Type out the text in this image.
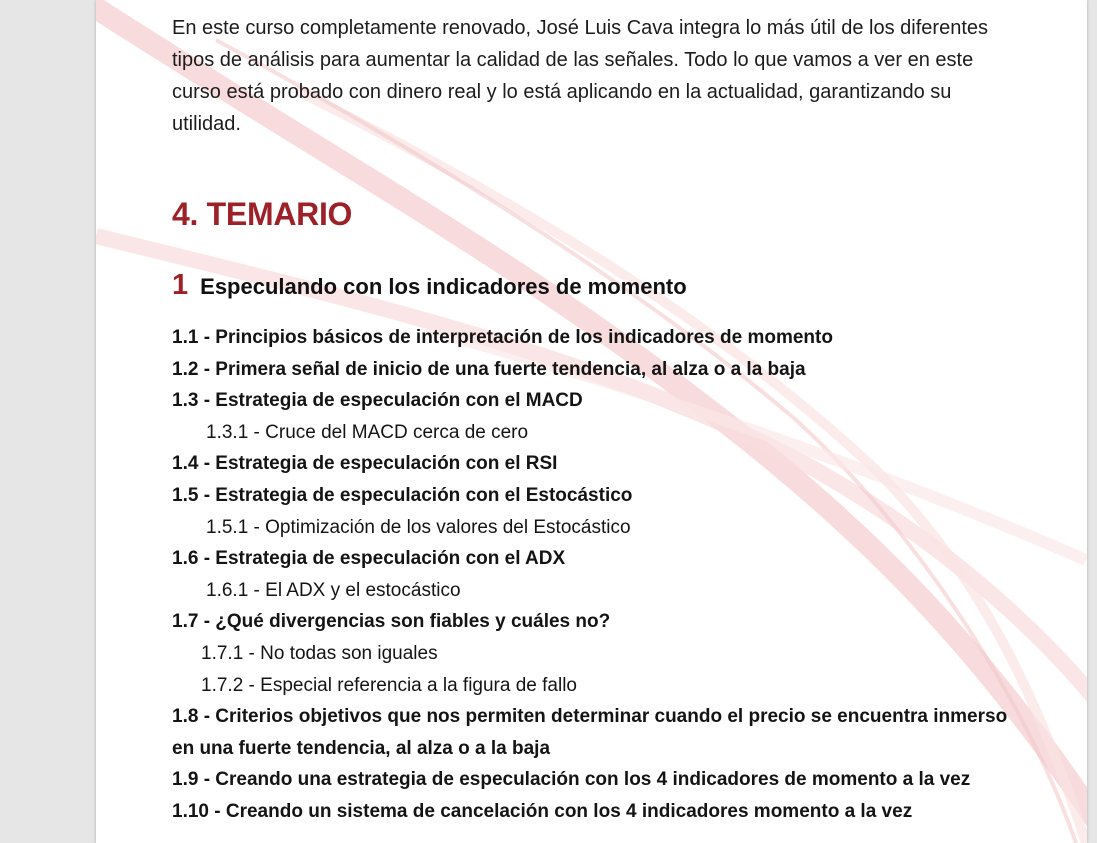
En este curso completamente renovado, José Luis Cava integra lo más útil de los diferentes tipos de análisis para aumentar la calidad de las señales. Todo lo que vamos a ver en este curso está probado con dinero real y lo está aplicando en la actualidad, garantizando su utilidad.

4. TEMARIO
1 Especulando con los indicadores de momento
1.1 - Principios básicos de interpretación de los indicadores de momento
1.2 - Primera señal de inicio de una fuerte tendencia, al alza o a la baja
1.3 - Estrategia de especulación con el MACD
1.3.1 - Cruce del MACD cerca de cero
1.4 - Estrategia de especulación con el RSI
1.5 - Estrategia de especulación con el Estocástico
1.5.1 - Optimización de los valores del Estocástico
1.6 - Estrategia de especulación con el ADX
1.6.1 - El ADX y el estocástico
1.7 - ¿Qué divergencias son fiables y cuáles no?
1.7.1 - No todas son iguales
1.7.2 - Especial referencia a la figura de fallo
1.8 - Criterios objetivos que nos permiten determinar cuando el precio se encuentra inmerso en una fuerte tendencia, al alza o a la baja
1.9 - Creando una estrategia de especulación con los 4 indicadores de momento a la vez
1.10 - Creando un sistema de cancelación con los 4 indicadores momento a la vez
